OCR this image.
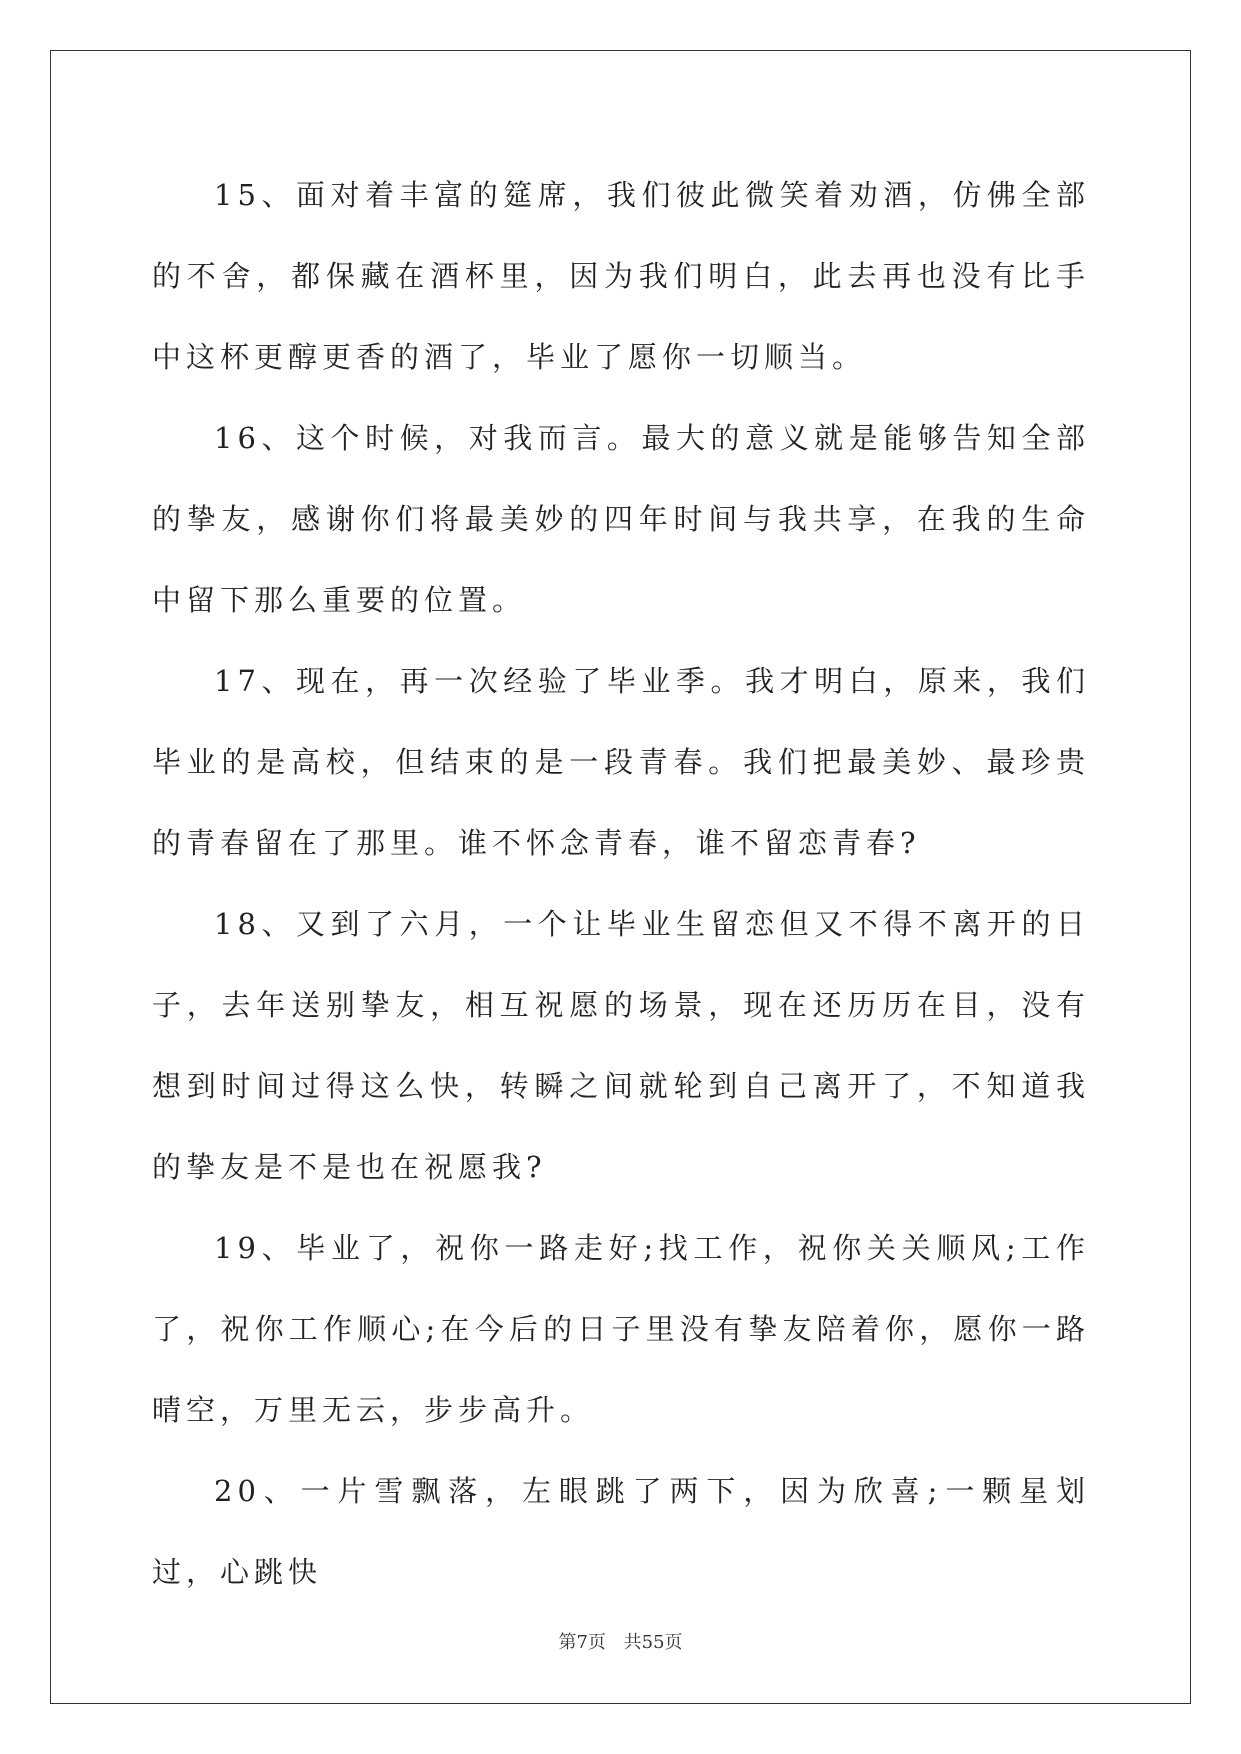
15、面对着丰富的筵席，我们彼此微笑着劝酒，仿佛全部的不舍，都保藏在酒杯里，因为我们明白，此去再也没有比手中这杯更醇更香的酒了，毕业了愿你一切顺当。

16、这个时候，对我而言。最大的意义就是能够告知全部的挚友，感谢你们将最美妙的四年时间与我共享，在我的生命中留下那么重要的位置。

17、现在，再一次经验了毕业季。我才明白，原来，我们毕业的是高校，但结束的是一段青春。我们把最美妙、最珍贵的青春留在了那里。谁不怀念青春，谁不留恋青春?

18、又到了六月，一个让毕业生留恋但又不得不离开的日子，去年送别挚友，相互祝愿的场景，现在还历历在目，没有想到时间过得这么快，转瞬之间就轮到自己离开了，不知道我的挚友是不是也在祝愿我?

19、毕业了，祝你一路走好;找工作，祝你关关顺风;工作了，祝你工作顺心;在今后的日子里没有挚友陪着你，愿你一路晴空，万里无云，步步高升。

20、一片雪飘落，左眼跳了两下，因为欣喜;一颗星划过，心跳快

第7页 共55页
